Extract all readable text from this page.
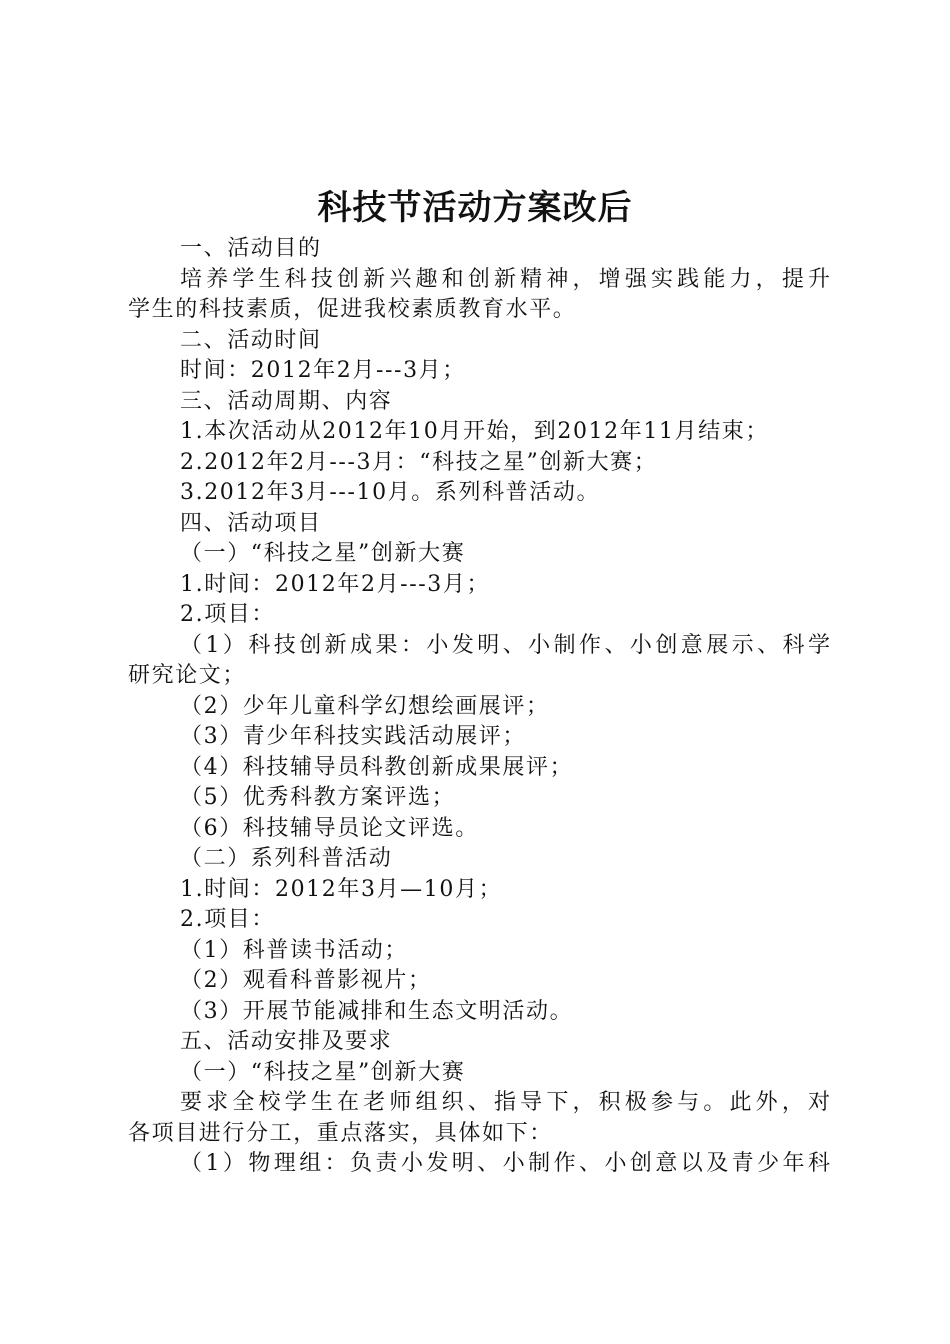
科技节活动方案改后
一、活动目的
培养学生科技创新兴趣和创新精神，增强实践能力，提升
学生的科技素质，促进我校素质教育水平。
二、活动时间
时间：2012年2月---3月；
三、活动周期、内容
1.本次活动从2012年10月开始，到2012年11月结束；
2.2012年2月---3月：“科技之星”创新大赛；
3.2012年3月---10月。系列科普活动。
四、活动项目
（一）“科技之星”创新大赛
1.时间：2012年2月---3月；
2.项目：
（1）科技创新成果：小发明、小制作、小创意展示、科学
研究论文；
（2）少年儿童科学幻想绘画展评；
（3）青少年科技实践活动展评；
（4）科技辅导员科教创新成果展评；
（5）优秀科教方案评选；
（6）科技辅导员论文评选。
（二）系列科普活动
1.时间：2012年3月—10月；
2.项目：
（1）科普读书活动；
（2）观看科普影视片；
（3）开展节能减排和生态文明活动。
五、活动安排及要求
（一）“科技之星”创新大赛
要求全校学生在老师组织、指导下，积极参与。此外，对
各项目进行分工，重点落实，具体如下：
（1）物理组：负责小发明、小制作、小创意以及青少年科
